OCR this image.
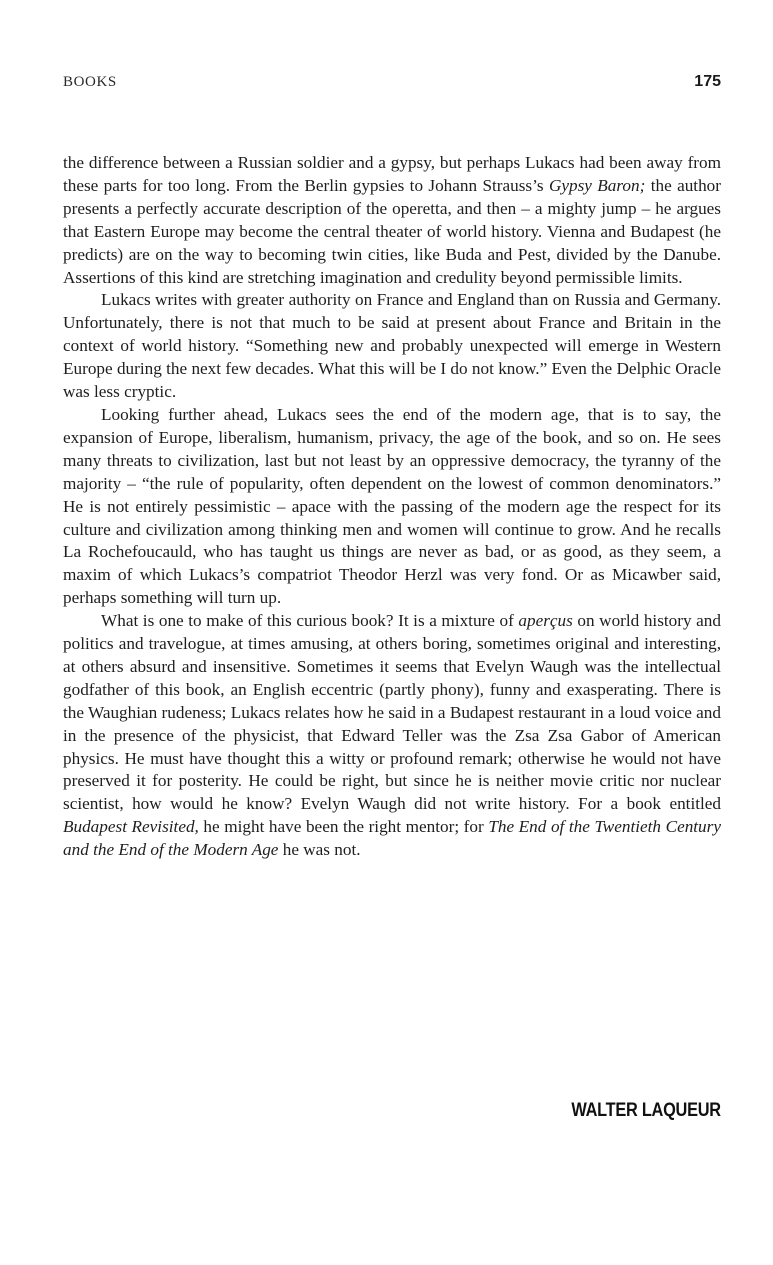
BOOKS	175

the difference between a Russian soldier and a gypsy, but perhaps Lukacs had been away from these parts for too long. From the Berlin gypsies to Johann Strauss’s Gypsy Baron; the author presents a perfectly accurate description of the operetta, and then – a mighty jump – he argues that Eastern Europe may become the central theater of world history. Vienna and Budapest (he predicts) are on the way to becoming twin cities, like Buda and Pest, divided by the Danube. Assertions of this kind are stretching imagination and credulity beyond permissible limits.

Lukacs writes with greater authority on France and England than on Russia and Germany. Unfortunately, there is not that much to be said at present about France and Britain in the context of world history. “Something new and probably unexpected will emerge in Western Europe during the next few decades. What this will be I do not know.” Even the Delphic Oracle was less cryptic.

Looking further ahead, Lukacs sees the end of the modern age, that is to say, the expansion of Europe, liberalism, humanism, privacy, the age of the book, and so on. He sees many threats to civilization, last but not least by an oppressive democracy, the tyranny of the majority – “the rule of popularity, often dependent on the lowest of common denominators.” He is not entirely pessimistic – apace with the passing of the modern age the respect for its culture and civilization among thinking men and women will continue to grow. And he recalls La Rochefoucauld, who has taught us things are never as bad, or as good, as they seem, a maxim of which Lukacs’s compatriot Theodor Herzl was very fond. Or as Micawber said, perhaps something will turn up.

What is one to make of this curious book? It is a mixture of aperçus on world history and politics and travelogue, at times amusing, at others boring, sometimes original and interesting, at others absurd and insensitive. Sometimes it seems that Evelyn Waugh was the intellectual godfather of this book, an English eccentric (partly phony), funny and exasperating. There is the Waughian rudeness; Lukacs relates how he said in a Budapest restaurant in a loud voice and in the presence of the physicist, that Edward Teller was the Zsa Zsa Gabor of American physics. He must have thought this a witty or profound remark; otherwise he would not have preserved it for posterity. He could be right, but since he is neither movie critic nor nuclear scientist, how would he know? Evelyn Waugh did not write history. For a book entitled Budapest Revisited, he might have been the right mentor; for The End of the Twentieth Century and the End of the Modern Age he was not.

WALTER LAQUEUR
